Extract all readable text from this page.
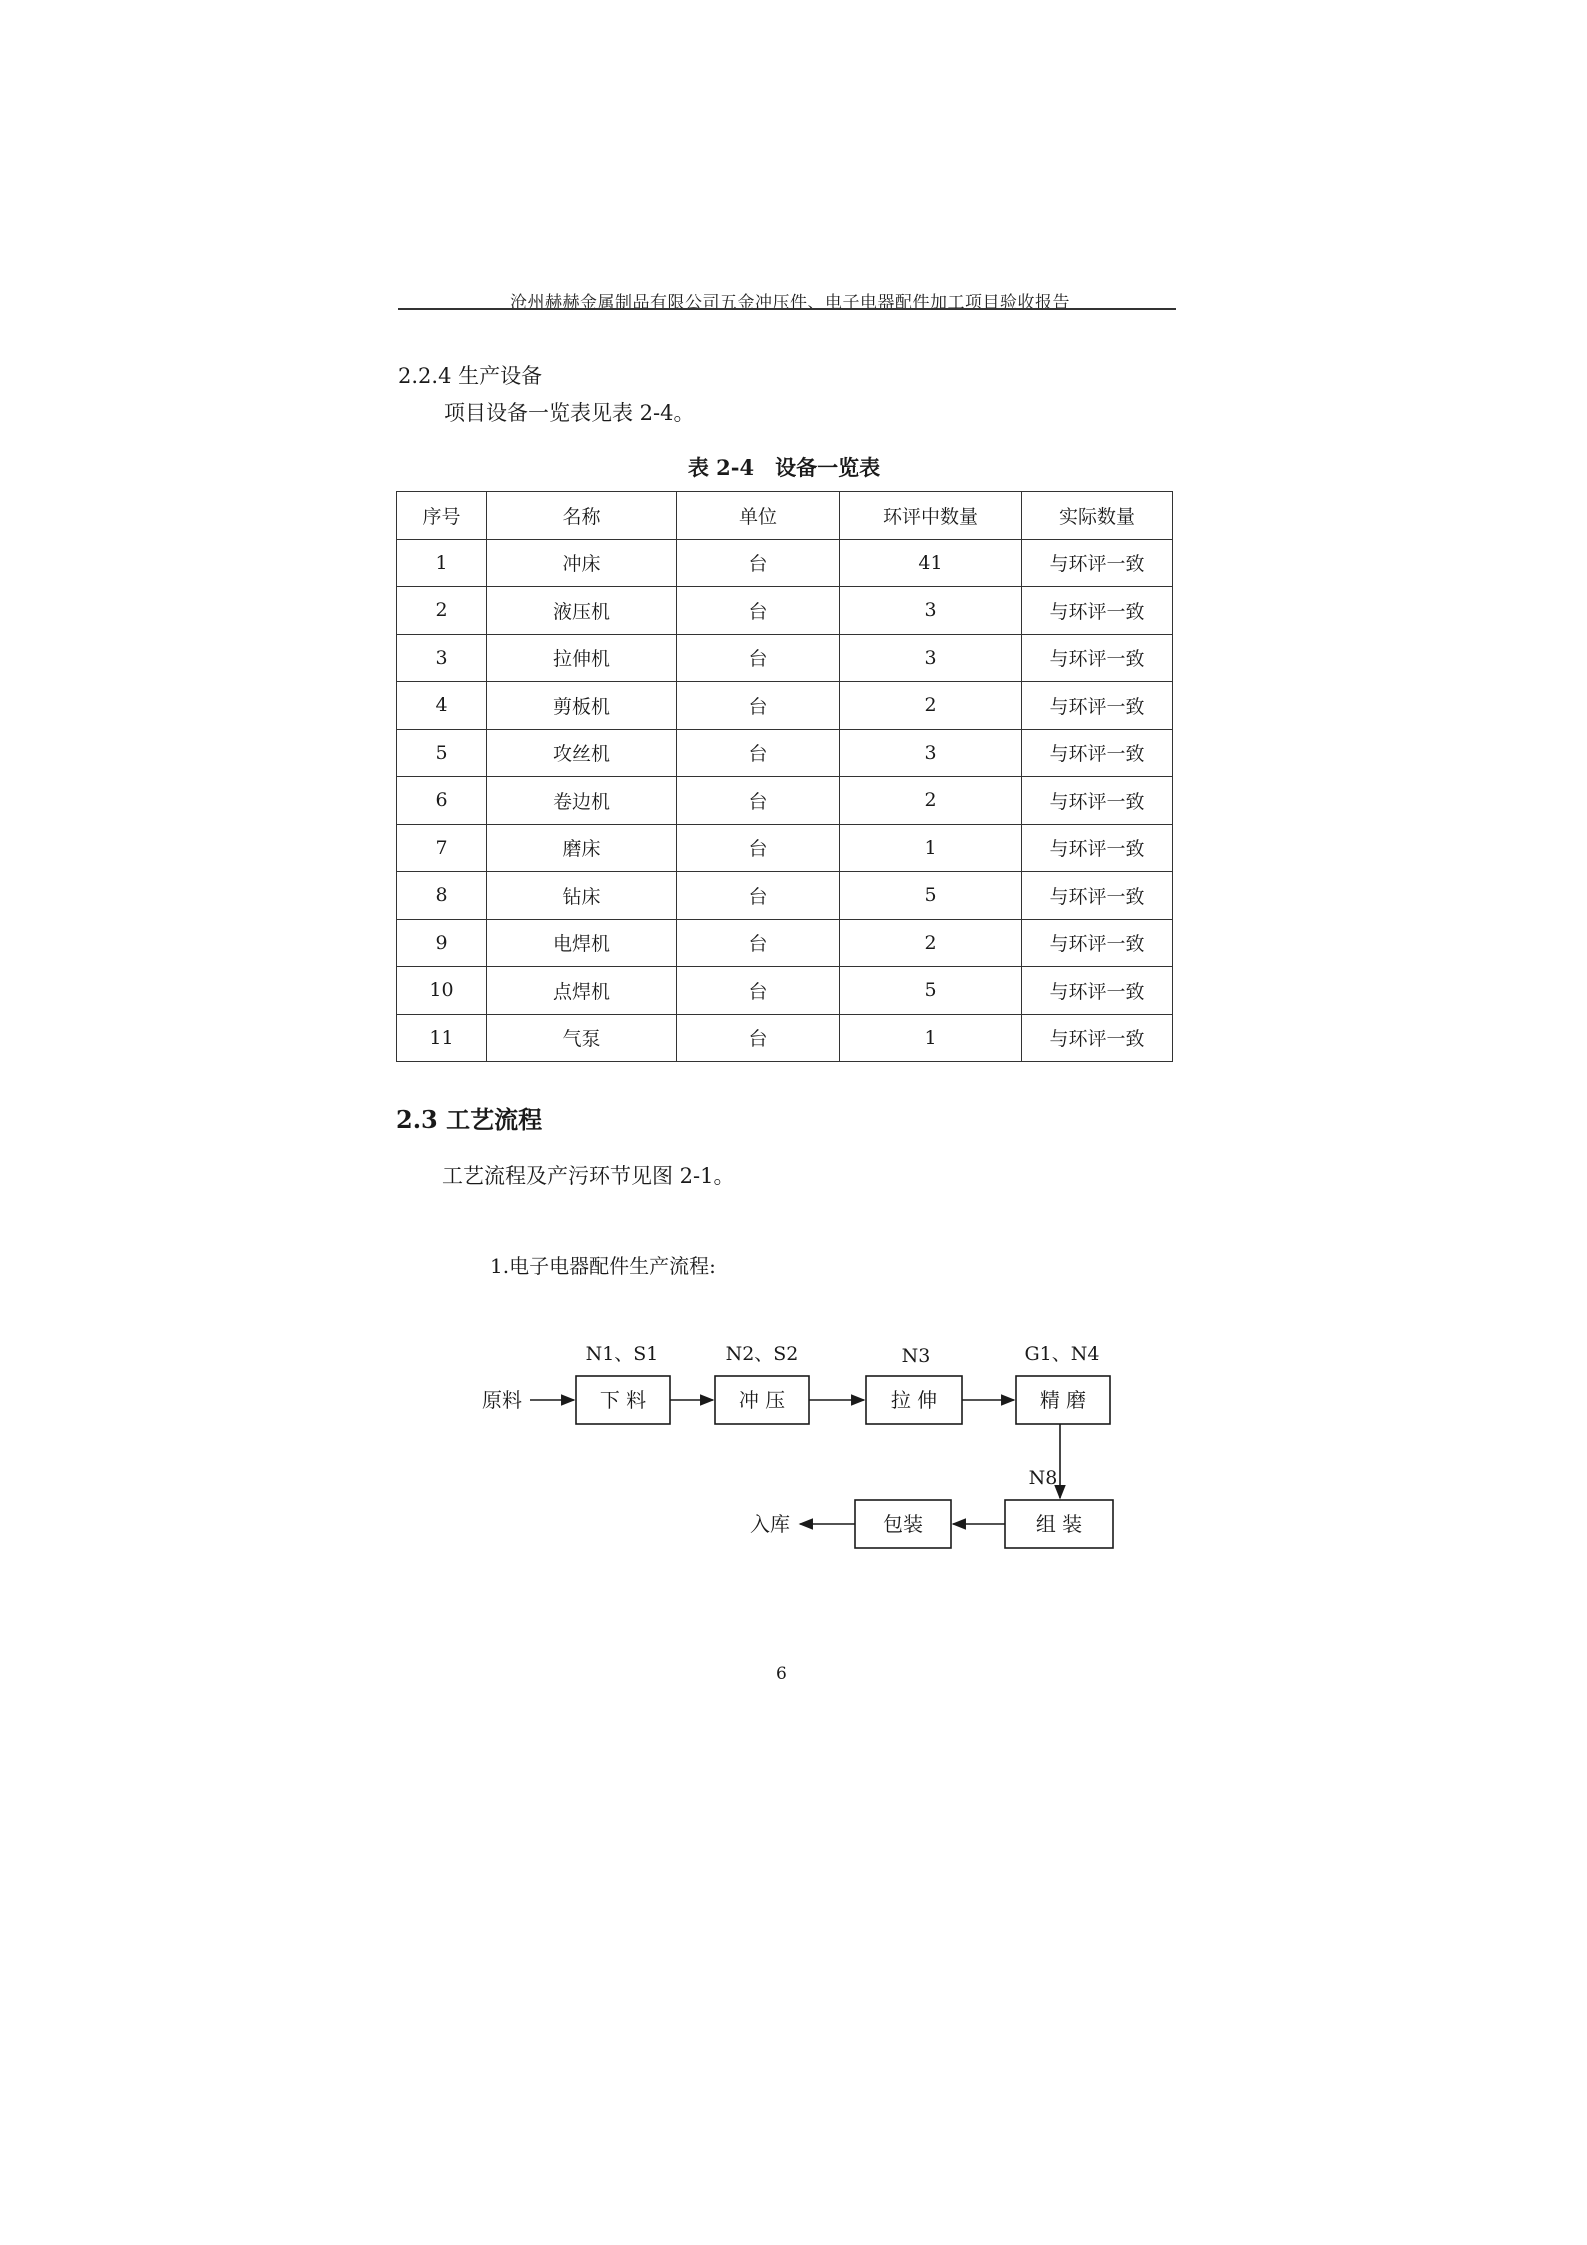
沧州赫赫金属制品有限公司五金冲压件、电子电器配件加工项目验收报告
2.2.4 生产设备
项目设备一览表见表 2-4。
表 2-4　设备一览表
序号	名称	单位	环评中数量	实际数量
1	冲床	台	41	与环评一致
2	液压机	台	3	与环评一致
3	拉伸机	台	3	与环评一致
4	剪板机	台	2	与环评一致
5	攻丝机	台	3	与环评一致
6	卷边机	台	2	与环评一致
7	磨床	台	1	与环评一致
8	钻床	台	5	与环评一致
9	电焊机	台	2	与环评一致
10	点焊机	台	5	与环评一致
11	气泵	台	1	与环评一致
2.3 工艺流程
工艺流程及产污环节见图 2-1。
1.电子电器配件生产流程:
原料	下 料	冲 压	拉 伸	精 磨
组 装
包装
入库
N1、S1	N2、S2	N3	G1、N4
N8
6
